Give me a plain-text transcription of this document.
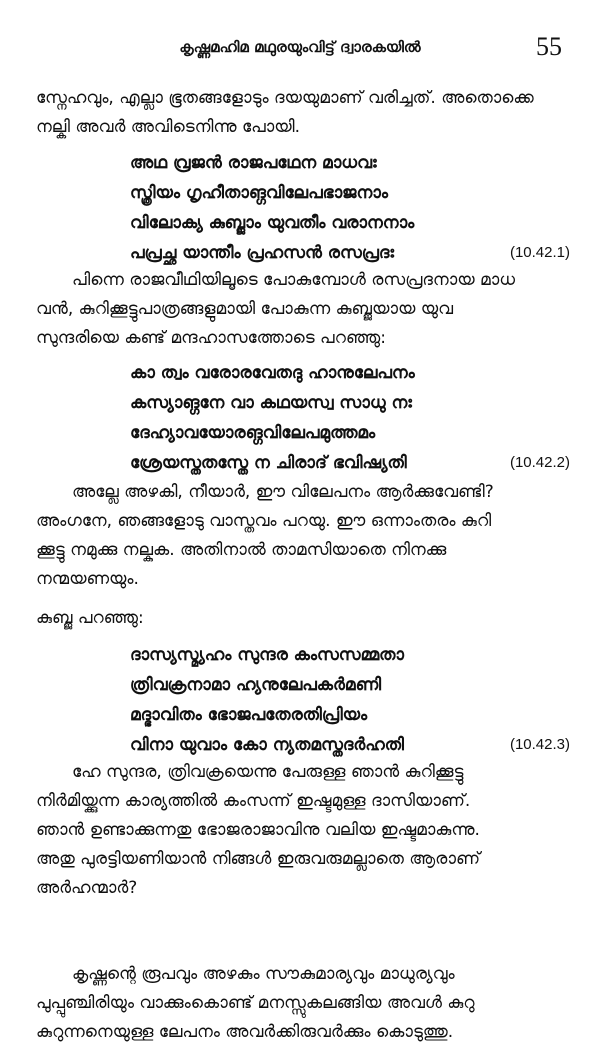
കൃഷ്ണമഹിമ മഥുരയുംവിട്ട് ദ്വാരകയിൽ	55
സ്നേഹവും, എല്ലാ ഭൂതങ്ങളോടും ദയയുമാണ് വരിച്ചത്. അതൊക്കെ
നല്കി അവർ അവിടെനിന്നു പോയി.
അഥ വ്രജൻ രാജപഥേന മാധവഃ
സ്ത്രിയം ഗൃഹീതാങ്ഗവിലേപഭാജനാം
വിലോക്യ കുബ്ജാം യുവതീം വരാനനാം
പപ്രച്ഛ യാന്തീം പ്രഹസൻ രസപ്രദഃ	(10.42.1)
പിന്നെ രാജവീഥിയിലൂടെ പോകുമ്പോൾ രസപ്രദനായ മാധ
വൻ, കുറിക്കൂട്ടുപാത്രങ്ങളുമായി പോകുന്ന കുബ്ജയായ യുവ
സുന്ദരിയെ കണ്ട് മന്ദഹാസത്തോടെ പറഞ്ഞു:
കാ ത്വം വരോരവേതദു ഹാനുലേപനം
കസ്യാങ്ഗനേ വാ കഥയസ്വ സാധു നഃ
ദേഹ്യാവയോരങ്ഗവിലേപമുത്തമം
ശ്രേയസ്തതസ്തേ ന ചിരാദ് ഭവിഷ്യതി	(10.42.2)
അല്ലേ അഴകി, നീയാർ, ഈ വിലേപനം ആർക്കുവേണ്ടി?
അംഗനേ, ഞങ്ങളോടു വാസ്തവം പറയു. ഈ ഒന്നാംതരം കുറി
ക്കൂട്ടു നമുക്കു നല്കുക. അതിനാൽ താമസിയാതെ നിനക്കു
നന്മയണയും.
കുബ്ജ പറഞ്ഞു:
ദാസ്യസ്മ്യഹം സുന്ദര കംസസമ്മതാ
ത്രിവക്രനാമാ ഹ്യനുലേപകർമണി
മദ്ഭാവിതം ഭോജപതേരതിപ്രിയം
വിനാ യുവാം കോ ന്യതമസ്തദർഹതി	(10.42.3)
ഹേ സുന്ദര, ത്രിവക്രയെന്നു പേരുള്ള ഞാൻ കുറിക്കൂട്ടു
നിർമിയ്ക്കുന്ന കാര്യത്തിൽ കംസന്ന് ഇഷ്ടമുള്ള ദാസിയാണ്.
ഞാൻ ഉണ്ടാക്കുന്നതു ഭോജരാജാവിനു വലിയ ഇഷ്ടമാകുന്നു.
അതു പുരട്ടിയണിയാൻ നിങ്ങൾ ഇരുവരുമല്ലാതെ ആരാണ്
അർഹന്മാർ?
കൃഷ്ണന്റെ രൂപവും അഴകും സൗകുമാര്യവും മാധുര്യവും
പുപ്പുഞ്ചിരിയും വാക്കുംകൊണ്ട് മനസ്സുകലങ്ങിയ അവൾ കുറു
കുറുന്നനെയുള്ള ലേപനം അവർക്കിരുവർക്കും കൊടുത്തു.
